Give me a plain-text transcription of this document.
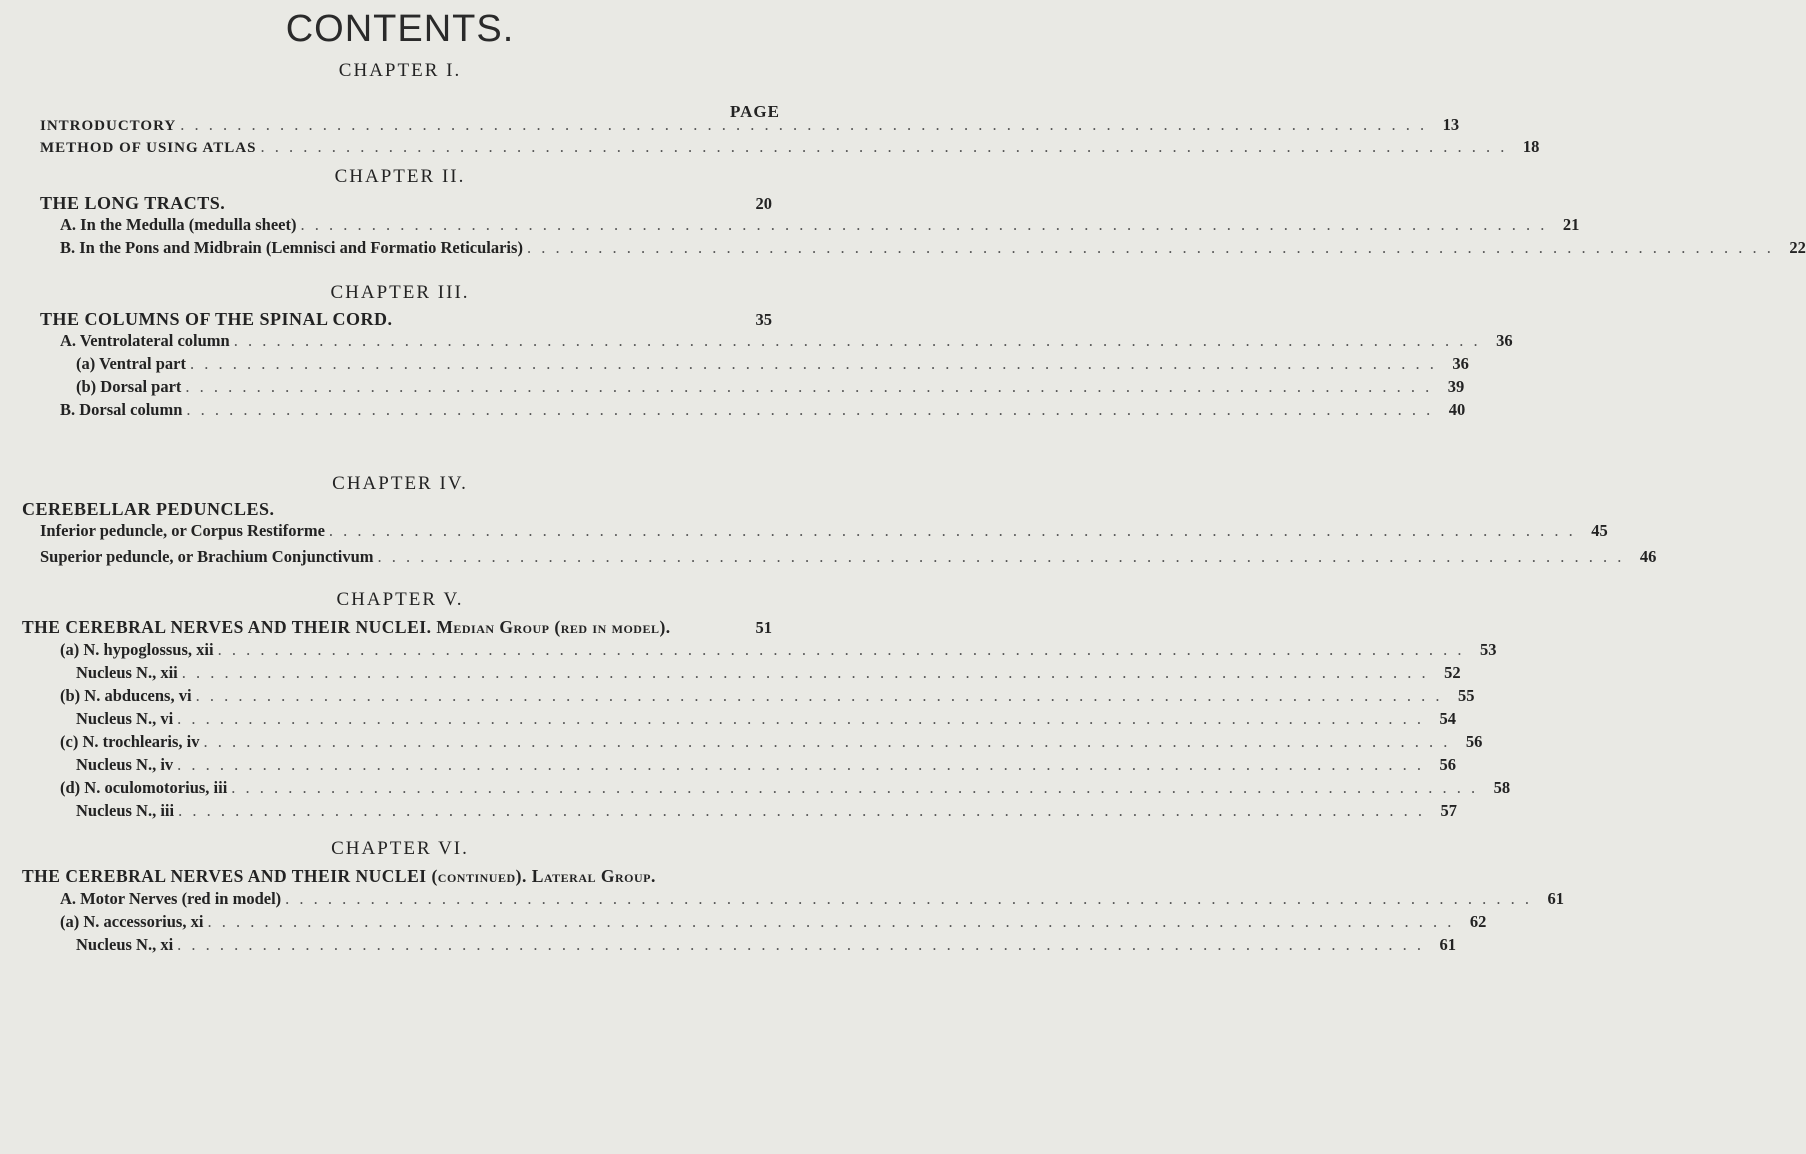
CONTENTS.
PAGE
CHAPTER I.
CHAPTER II.
CHAPTER III.
CHAPTER IV.
CHAPTER V.
CHAPTER VI.
INTRODUCTORY . . .	13
METHOD OF USING ATLAS . . .	18
THE LONG TRACTS.	20
A. In the Medulla (medulla sheet) . . .	21
B. In the Pons and Midbrain (Lemnisci and Formatio Reticularis) . . .	22
THE COLUMNS OF THE SPINAL CORD.	35
A. Ventrolateral column . . .	36
(a) Ventral part . . .	36
(b) Dorsal part . . .	39
B. Dorsal column . . .	40
CEREBELLAR PEDUNCLES.
Inferior peduncle, or Corpus Restiforme . . .	45
Superior peduncle, or Brachium Conjunctivum . . .	46
THE CEREBRAL NERVES AND THEIR NUCLEI. Median Group (red in model).	51
(a) N. hypoglossus, xii . . .	53
Nucleus N., xii . . .	52
(b) N. abducens, vi . . .	55
Nucleus N., vi . . .	54
(c) N. trochlearis, iv . . .	56
Nucleus N., iv . . .	56
(d) N. oculomotorius, iii . . .	58
Nucleus N., iii . . .	57
THE CEREBRAL NERVES AND THEIR NUCLEI (continued). Lateral Group.
A. Motor Nerves (red in model) . . .	61
(a) N. accessorius, xi . . .	62
Nucleus N., xi . . .	61
